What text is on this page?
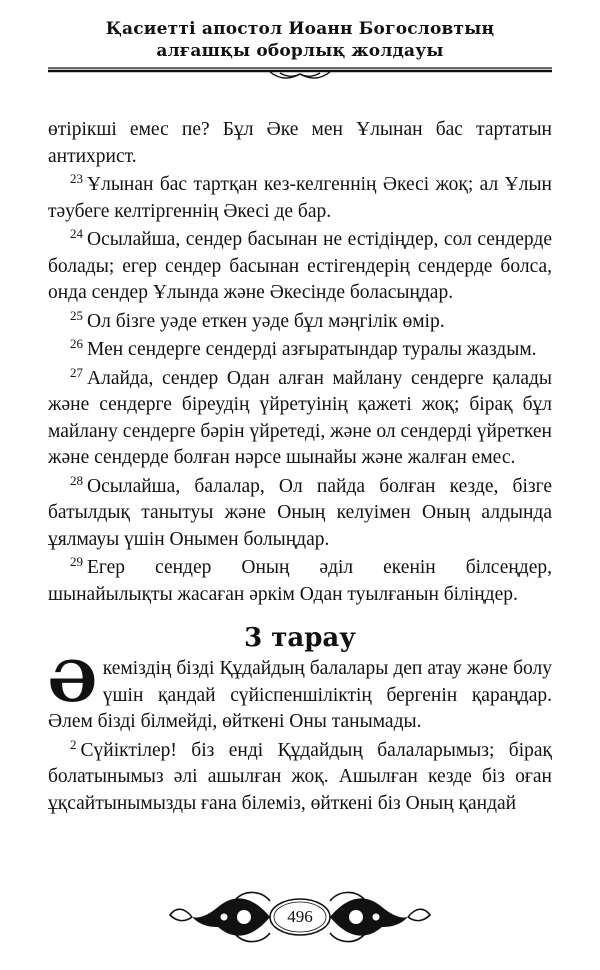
Қасиетті апостол Иоанн Богословтың
алғашқы оборлық жолдауы

өтірікші емес пе? Бұл Әке мен Ұлынан бас тартатын антихрист.

$^{23}$ Ұлынан бас тартқан кез-келгеннің Әкесі жоқ; ал Ұлын тәубеге келтіргеннің Әкесі де бар.

$^{24}$ Осылайша, сендер басынан не естідіңдер, сол сендерде болады; егер сендер басынан естігендерің сендерде болса, онда сендер Ұлында және Әкесінде боласыңдар.

$^{25}$ Ол бізге уәде еткен уәде бұл мәңгілік өмір.

$^{26}$ Мен сендерге сендерді азғыратындар туралы жаздым.

$^{27}$ Алайда, сендер Одан алған майлану сендерге қалады және сендерге біреудің үйретуінің қажеті жоқ; бірақ бұл майлану сендерге бәрін үйретеді, және ол сендерді үйреткен және сендерде болған нәрсе шынайы және жалған емес.

$^{28}$ Осылайша, балалар, Ол пайда болған кезде, бізге батылдық танытуы және Оның келуімен Оның алдында ұялмауы үшін Онымен болыңдар.

$^{29}$ Егер сендер Оның әділ екенін білсеңдер, шынайылықты жасаған әркім Одан туылғанын біліңдер.

3 тарау

Әкеміздің бізді Құдайдың балалары деп атау және болу үшін қандай сүйіспеншіліктің бергенін қараңдар. Әлем бізді білмейді, өйткені Оны танымады.

$^2$ Сүйіктілер! біз енді Құдайдың балаларымыз; бірақ болатынымыз әлі ашылған жоқ. Ашылған кезде біз оған ұқсайтынымызды ғана білеміз, өйткені біз Оның қандай

496
